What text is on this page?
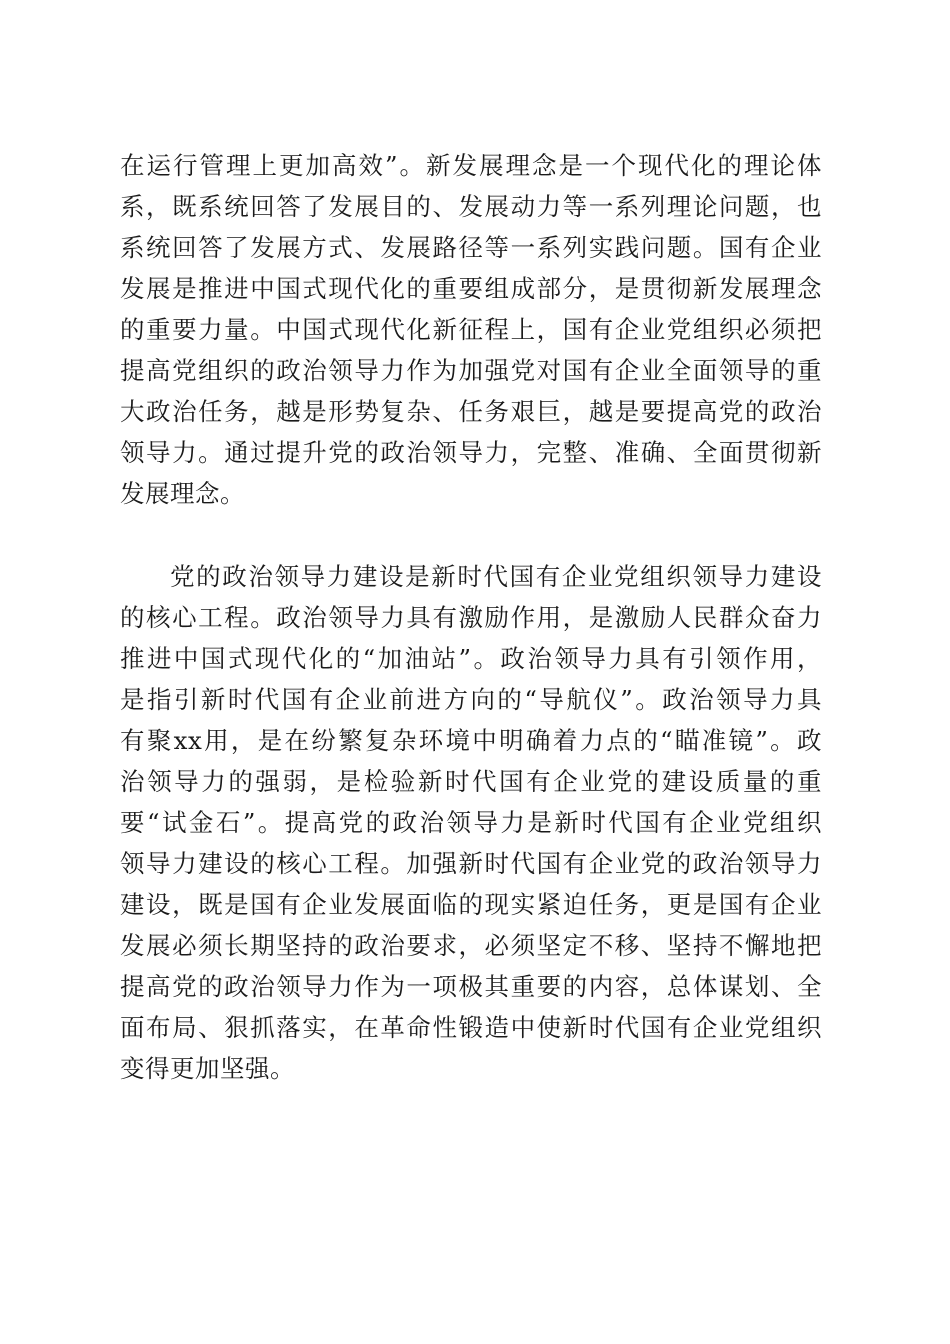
在运行管理上更加高效”。新发展理念是一个现代化的理论体
系，既系统回答了发展目的、发展动力等一系列理论问题，也
系统回答了发展方式、发展路径等一系列实践问题。国有企业
发展是推进中国式现代化的重要组成部分，是贯彻新发展理念
的重要力量。中国式现代化新征程上，国有企业党组织必须把
提高党组织的政治领导力作为加强党对国有企业全面领导的重
大政治任务，越是形势复杂、任务艰巨，越是要提高党的政治
领导力。通过提升党的政治领导力，完整、准确、全面贯彻新
发展理念。
党的政治领导力建设是新时代国有企业党组织领导力建设
的核心工程。政治领导力具有激励作用，是激励人民群众奋力
推进中国式现代化的“加油站”。政治领导力具有引领作用，
是指引新时代国有企业前进方向的“导航仪”。政治领导力具
有聚xx用，是在纷繁复杂环境中明确着力点的“瞄准镜”。政
治领导力的强弱，是检验新时代国有企业党的建设质量的重
要“试金石”。提高党的政治领导力是新时代国有企业党组织
领导力建设的核心工程。加强新时代国有企业党的政治领导力
建设，既是国有企业发展面临的现实紧迫任务，更是国有企业
发展必须长期坚持的政治要求，必须坚定不移、坚持不懈地把
提高党的政治领导力作为一项极其重要的内容，总体谋划、全
面布局、狠抓落实，在革命性锻造中使新时代国有企业党组织
变得更加坚强。
